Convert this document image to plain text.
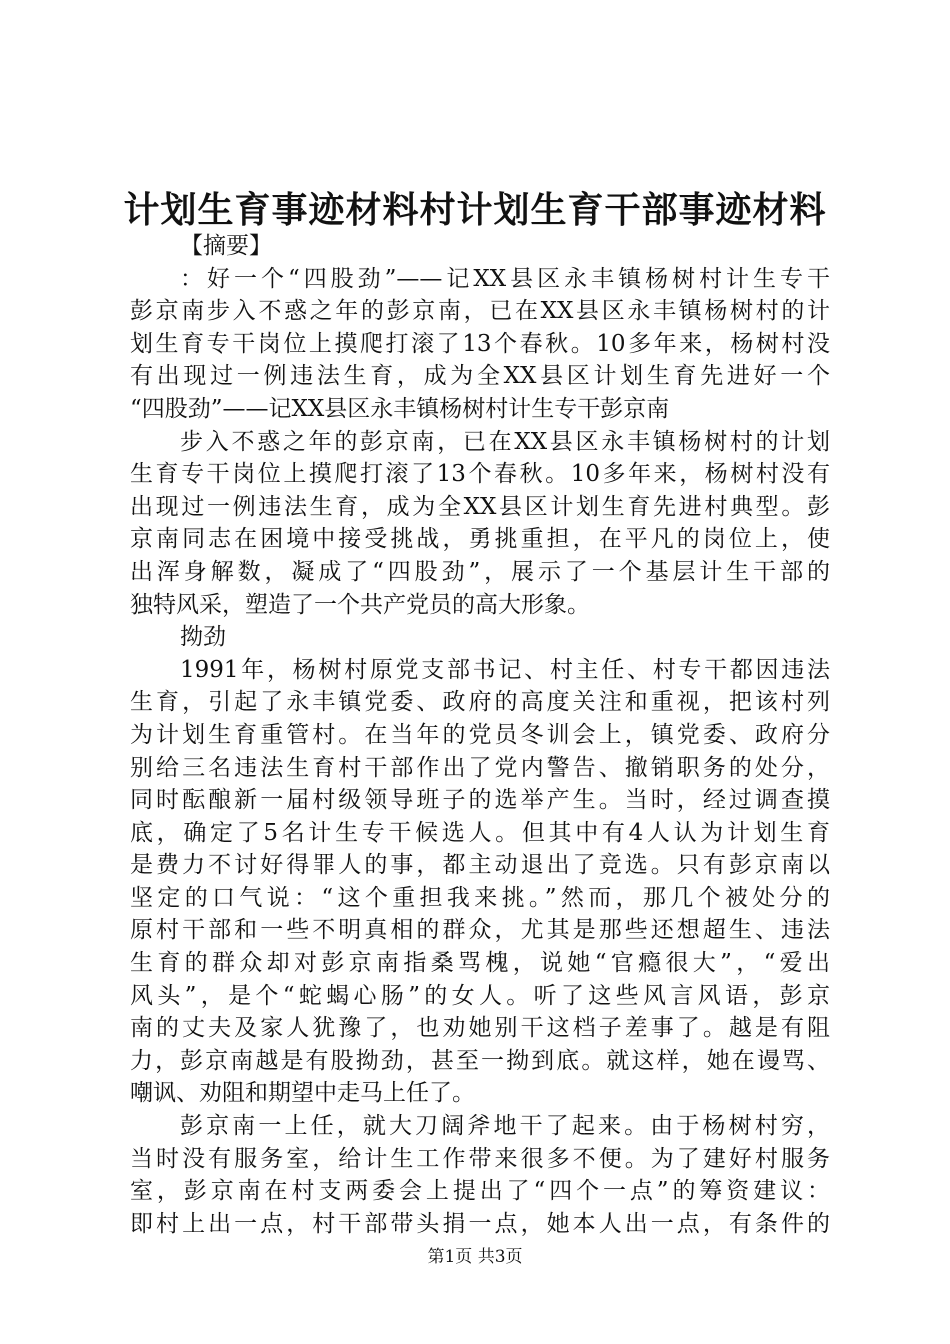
计划生育事迹材料村计划生育干部事迹材料
【摘要】
：好一个“四股劲”——记XX县区永丰镇杨树村计生专干
彭京南步入不惑之年的彭京南，已在XX县区永丰镇杨树村的计
划生育专干岗位上摸爬打滚了13个春秋。10多年来，杨树村没
有出现过一例违法生育，成为全XX县区计划生育先进好一个
“四股劲”——记XX县区永丰镇杨树村计生专干彭京南
步入不惑之年的彭京南，已在XX县区永丰镇杨树村的计划
生育专干岗位上摸爬打滚了13个春秋。10多年来，杨树村没有
出现过一例违法生育，成为全XX县区计划生育先进村典型。彭
京南同志在困境中接受挑战，勇挑重担，在平凡的岗位上，使
出浑身解数，凝成了“四股劲”，展示了一个基层计生干部的
独特风采，塑造了一个共产党员的高大形象。
拗劲
1991年，杨树村原党支部书记、村主任、村专干都因违法
生育，引起了永丰镇党委、政府的高度关注和重视，把该村列
为计划生育重管村。在当年的党员冬训会上，镇党委、政府分
别给三名违法生育村干部作出了党内警告、撤销职务的处分，
同时酝酿新一届村级领导班子的选举产生。当时，经过调查摸
底，确定了5名计生专干候选人。但其中有4人认为计划生育
是费力不讨好得罪人的事，都主动退出了竞选。只有彭京南以
坚定的口气说：“这个重担我来挑。”然而，那几个被处分的
原村干部和一些不明真相的群众，尤其是那些还想超生、违法
生育的群众却对彭京南指桑骂槐，说她“官瘾很大”，“爱出
风头”，是个“蛇蝎心肠”的女人。听了这些风言风语，彭京
南的丈夫及家人犹豫了，也劝她别干这档子差事了。越是有阻
力，彭京南越是有股拗劲，甚至一拗到底。就这样，她在谩骂、
嘲讽、劝阻和期望中走马上任了。
彭京南一上任，就大刀阔斧地干了起来。由于杨树村穷，
当时没有服务室，给计生工作带来很多不便。为了建好村服务
室，彭京南在村支两委会上提出了“四个一点”的筹资建议：
即村上出一点，村干部带头捐一点，她本人出一点，有条件的
第1页 共3页
